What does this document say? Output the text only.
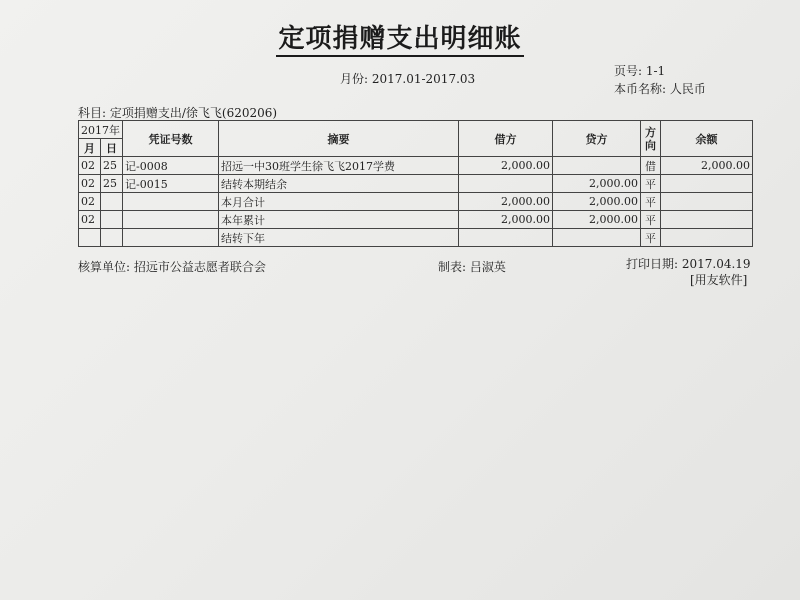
定项捐赠支出明细账
月份: 2017.01-2017.03
页号: 1-1
本币名称: 人民币
科目: 定项捐赠支出/徐飞飞(620206)
2017年		凭证号数	摘要	借方	贷方	方向	余额
月	日						
02	25	记-0008	招远一中30班学生徐飞飞2017学费	2,000.00		借	2,000.00
02	25	记-0015	结转本期结余		2,000.00	平	
02			本月合计	2,000.00	2,000.00	平	
02			本年累计	2,000.00	2,000.00	平	
			结转下年			平	
核算单位: 招远市公益志愿者联合会	制表: 吕淑英	打印日期: 2017.04.19
[用友软件]
